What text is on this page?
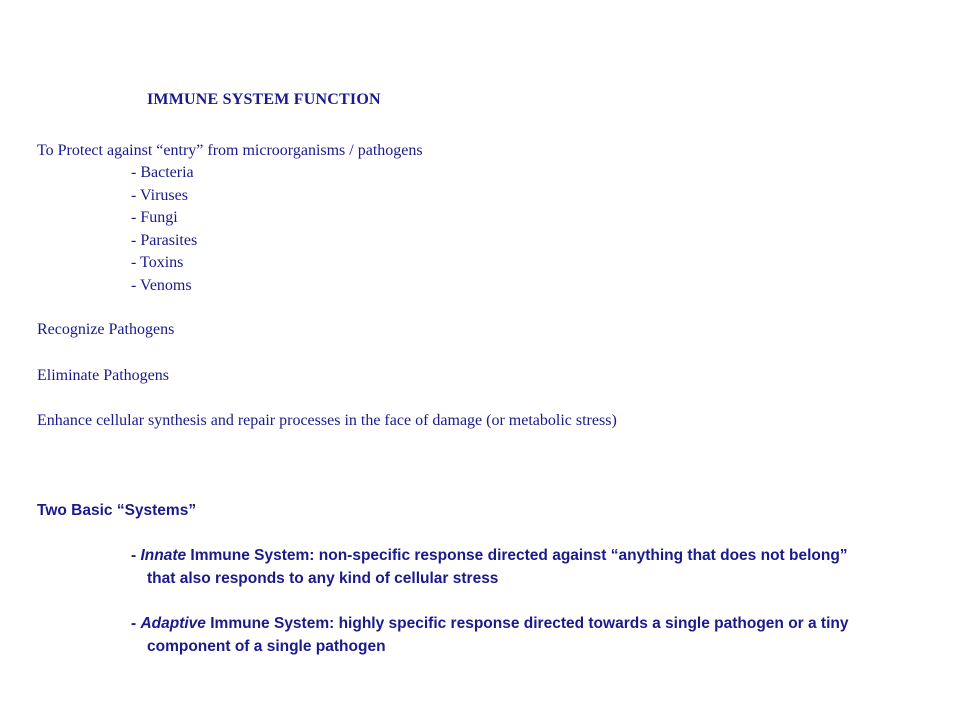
IMMUNE SYSTEM FUNCTION
To Protect against “entry” from microorganisms / pathogens
- Bacteria
- Viruses
- Fungi
- Parasites
- Toxins
- Venoms
Recognize Pathogens
Eliminate Pathogens
Enhance cellular synthesis and repair processes in the face of damage (or metabolic stress)
Two Basic “Systems”
- Innate Immune System: non-specific response directed against “anything that does not belong”
that also responds to any kind of cellular stress
- Adaptive Immune System: highly specific response directed towards a single pathogen or a tiny
component of a single pathogen
